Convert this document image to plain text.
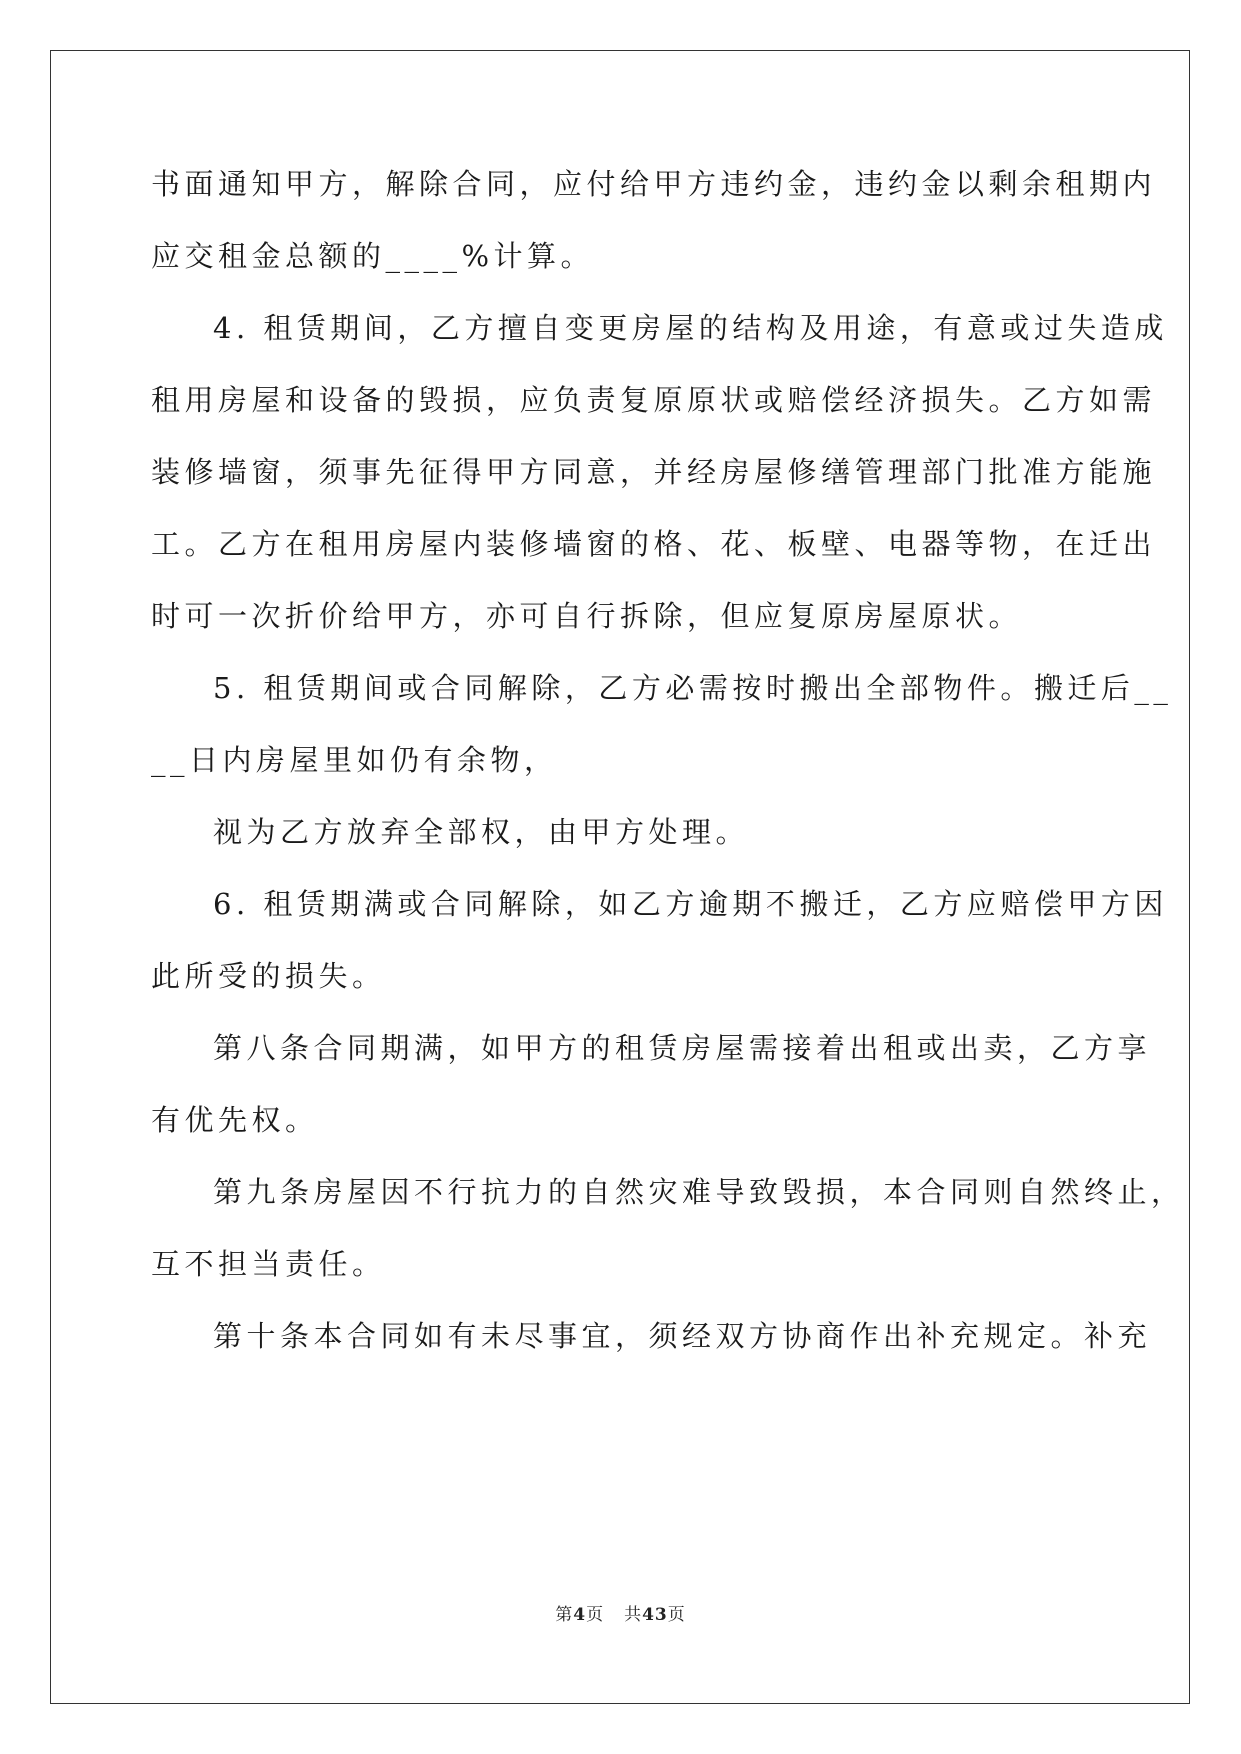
书面通知甲方，解除合同，应付给甲方违约金，违约金以剩余租期内
应交租金总额的____%计算。
4. 租赁期间，乙方擅自变更房屋的结构及用途，有意或过失造成
租用房屋和设备的毁损，应负责复原原状或赔偿经济损失。乙方如需
装修墙窗，须事先征得甲方同意，并经房屋修缮管理部门批准方能施
工。乙方在租用房屋内装修墙窗的格、花、板壁、电器等物，在迁出
时可一次折价给甲方，亦可自行拆除，但应复原房屋原状。
5. 租赁期间或合同解除，乙方必需按时搬出全部物件。搬迁后__
__日内房屋里如仍有余物，
视为乙方放弃全部权，由甲方处理。
6. 租赁期满或合同解除，如乙方逾期不搬迁，乙方应赔偿甲方因
此所受的损失。
第八条合同期满，如甲方的租赁房屋需接着出租或出卖，乙方享
有优先权。
第九条房屋因不行抗力的自然灾难导致毁损，本合同则自然终止，
互不担当责任。
第十条本合同如有未尽事宜，须经双方协商作出补充规定。补充
第4页 共43页
